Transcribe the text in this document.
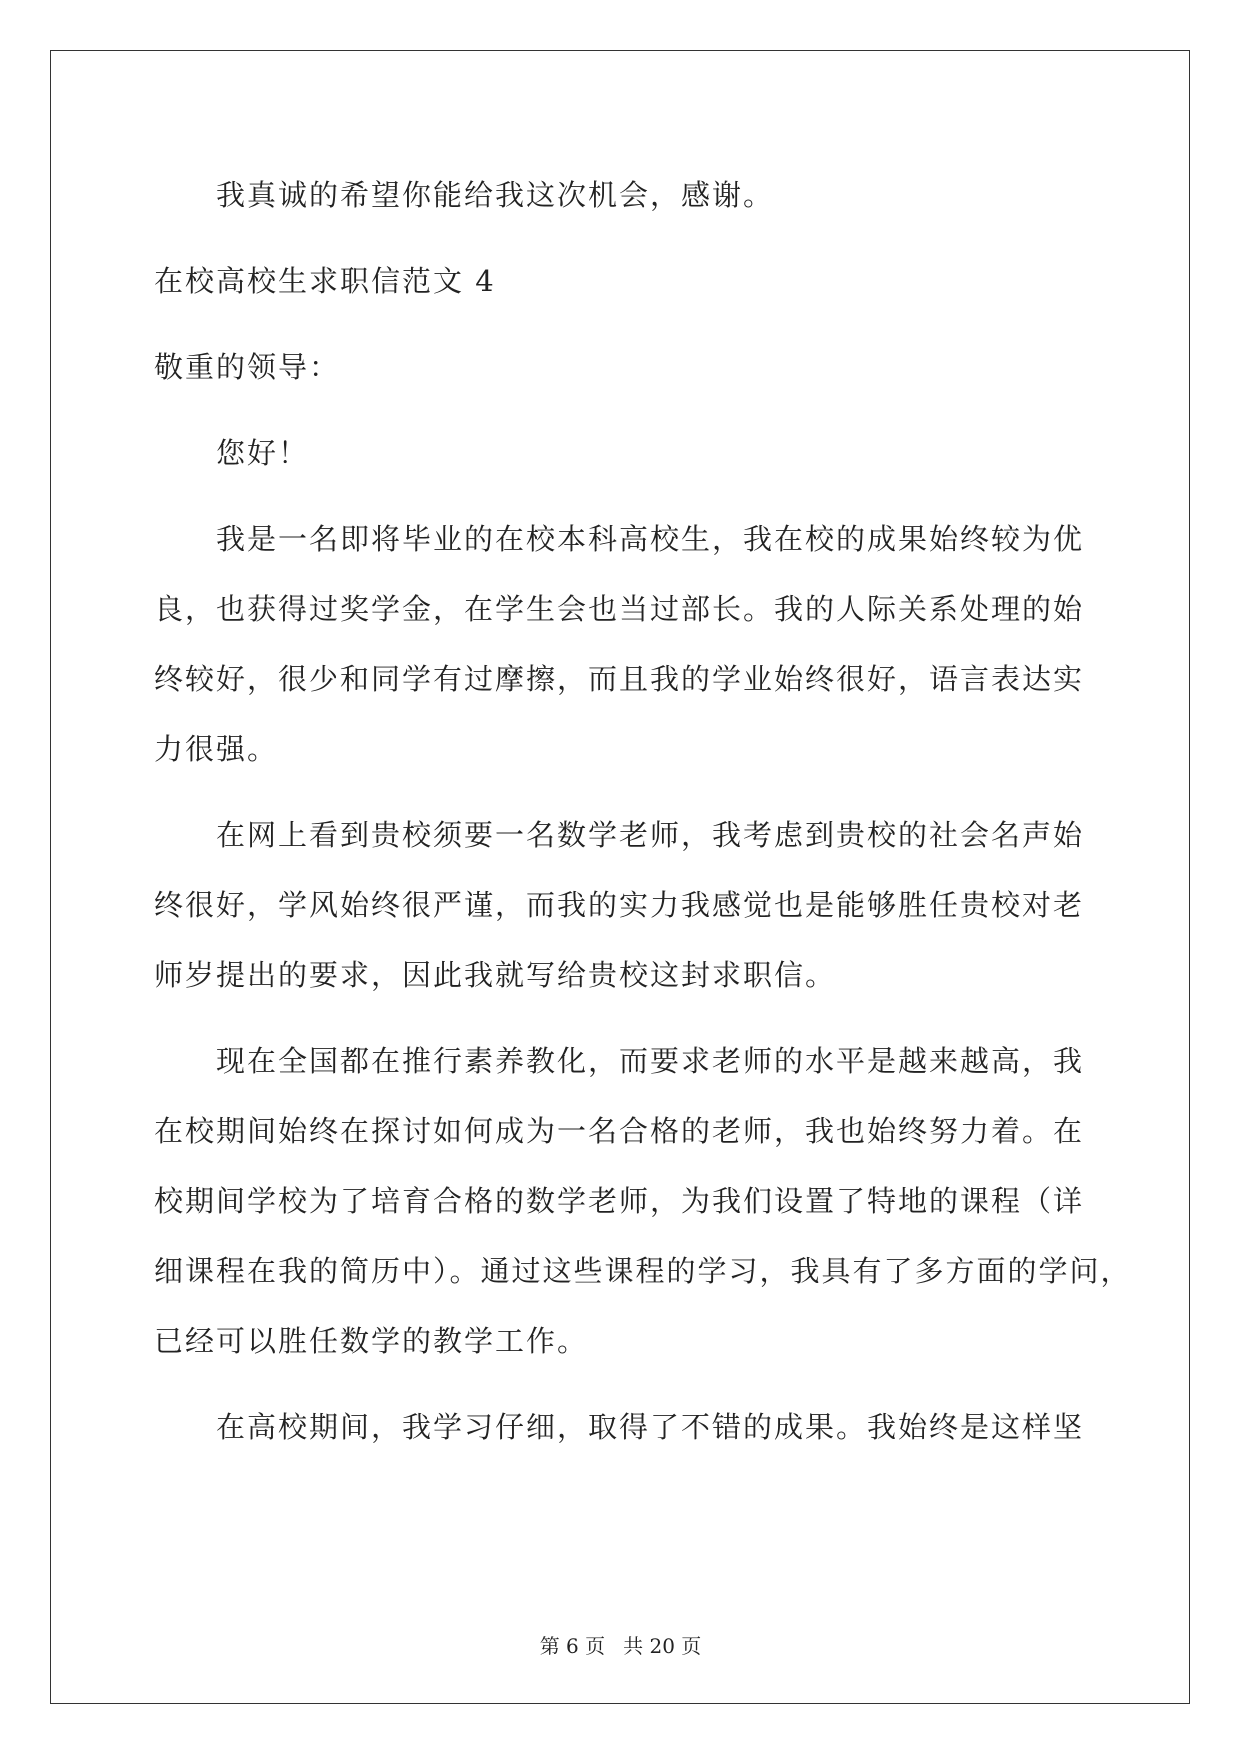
我真诚的希望你能给我这次机会，感谢。

在校高校生求职信范文 4

敬重的领导：

您好！

我是一名即将毕业的在校本科高校生，我在校的成果始终较为优

良，也获得过奖学金，在学生会也当过部长。我的人际关系处理的始

终较好，很少和同学有过摩擦，而且我的学业始终很好，语言表达实

力很强。

在网上看到贵校须要一名数学老师，我考虑到贵校的社会名声始

终很好，学风始终很严谨，而我的实力我感觉也是能够胜任贵校对老

师岁提出的要求，因此我就写给贵校这封求职信。

现在全国都在推行素养教化，而要求老师的水平是越来越高，我

在校期间始终在探讨如何成为一名合格的老师，我也始终努力着。在

校期间学校为了培育合格的数学老师，为我们设置了特地的课程（详

细课程在我的简历中）。通过这些课程的学习，我具有了多方面的学问，

已经可以胜任数学的教学工作。

在高校期间，我学习仔细，取得了不错的成果。我始终是这样坚

第 6 页 共 20 页
